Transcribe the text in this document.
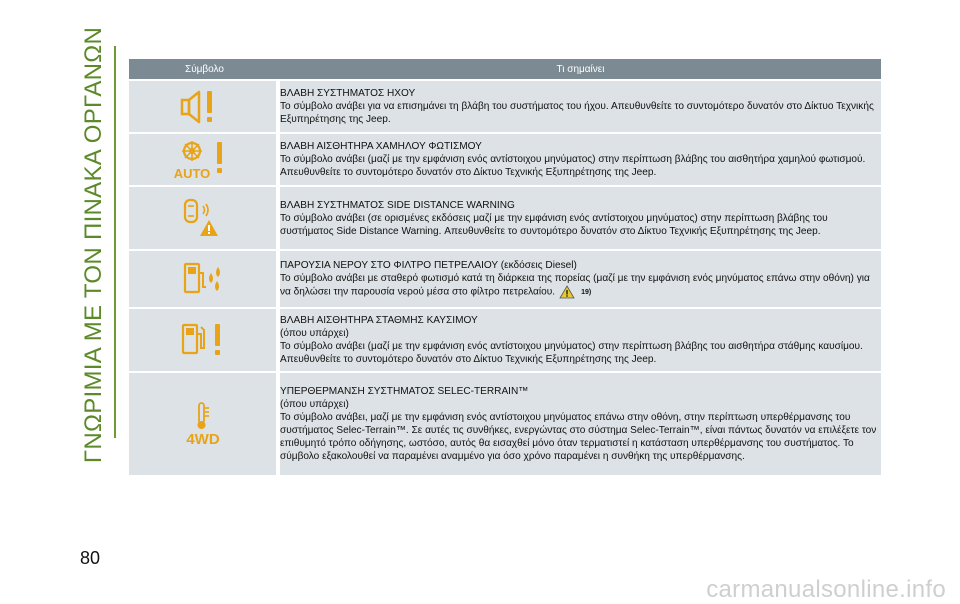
ΓΝΩΡΙΜΙΑ ΜΕ ΤΟΝ ΠΙΝΑΚΑ ΟΡΓΑΝΩΝ	Σύμβολο	Τι σημαίνει

ΒΛΑΒΗ ΣΥΣΤΗΜΑΤΟΣ ΗΧΟΥ
Το σύμβολο ανάβει για να επισημάνει τη βλάβη του συστήματος του ήχου. Απευθυνθείτε το συντομότερο δυνατόν στο Δίκτυο Τεχνικής Εξυπηρέτησης της Jeep.

AUTO	ΒΛΑΒΗ ΑΙΣΘΗΤΗΡΑ ΧΑΜΗΛΟΥ ΦΩΤΙΣΜΟΥ
Το σύμβολο ανάβει (μαζί με την εμφάνιση ενός αντίστοιχου μηνύματος) στην περίπτωση βλάβης του αισθητήρα χαμηλού φωτισμού. Απευθυνθείτε το συντομότερο δυνατόν στο Δίκτυο Τεχνικής Εξυπηρέτησης της Jeep.

ΒΛΑΒΗ ΣΥΣΤΗΜΑΤΟΣ SIDE DISTANCE WARNING
Το σύμβολο ανάβει (σε ορισμένες εκδόσεις μαζί με την εμφάνιση ενός αντίστοιχου μηνύματος) στην περίπτωση βλάβης του συστήματος Side Distance Warning. Απευθυνθείτε το συντομότερο δυνατόν στο Δίκτυο Τεχνικής Εξυπηρέτησης της Jeep.

ΠΑΡΟΥΣΙΑ ΝΕΡΟΥ ΣΤΟ ΦΙΛΤΡΟ ΠΕΤΡΕΛΑΙΟΥ (εκδόσεις Diesel)
Το σύμβολο ανάβει με σταθερό φωτισμό κατά τη διάρκεια της πορείας (μαζί με την εμφάνιση ενός μηνύματος επάνω στην οθόνη) για να δηλώσει την παρουσία νερού μέσα στο φίλτρο πετρελαίου. 19)

ΒΛΑΒΗ ΑΙΣΘΗΤΗΡΑ ΣΤΑΘΜΗΣ ΚΑΥΣΙΜΟΥ
(όπου υπάρχει)
Το σύμβολο ανάβει (μαζί με την εμφάνιση ενός αντίστοιχου μηνύματος) στην περίπτωση βλάβης του αισθητήρα στάθμης καυσίμου. Απευθυνθείτε το συντομότερο δυνατόν στο Δίκτυο Τεχνικής Εξυπηρέτησης της Jeep.

4WD	ΥΠΕΡΘΕΡΜΑΝΣΗ ΣΥΣΤΗΜΑΤΟΣ SELEC-TERRAIN™
(όπου υπάρχει)
Το σύμβολο ανάβει, μαζί με την εμφάνιση ενός αντίστοιχου μηνύματος επάνω στην οθόνη, στην περίπτωση υπερθέρμανσης του συστήματος Selec-Terrain™. Σε αυτές τις συνθήκες, ενεργώντας στο σύστημα Selec-Terrain™, είναι πάντως δυνατόν να επιλέξετε τον επιθυμητό τρόπο οδήγησης, ωστόσο, αυτός θα εισαχθεί μόνο όταν τερματιστεί η κατάσταση υπερθέρμανσης του συστήματος. Το σύμβολο εξακολουθεί να παραμένει αναμμένο για όσο χρόνο παραμένει η συνθήκη της υπερθέρμανσης.
80
carmanualsonline.info
